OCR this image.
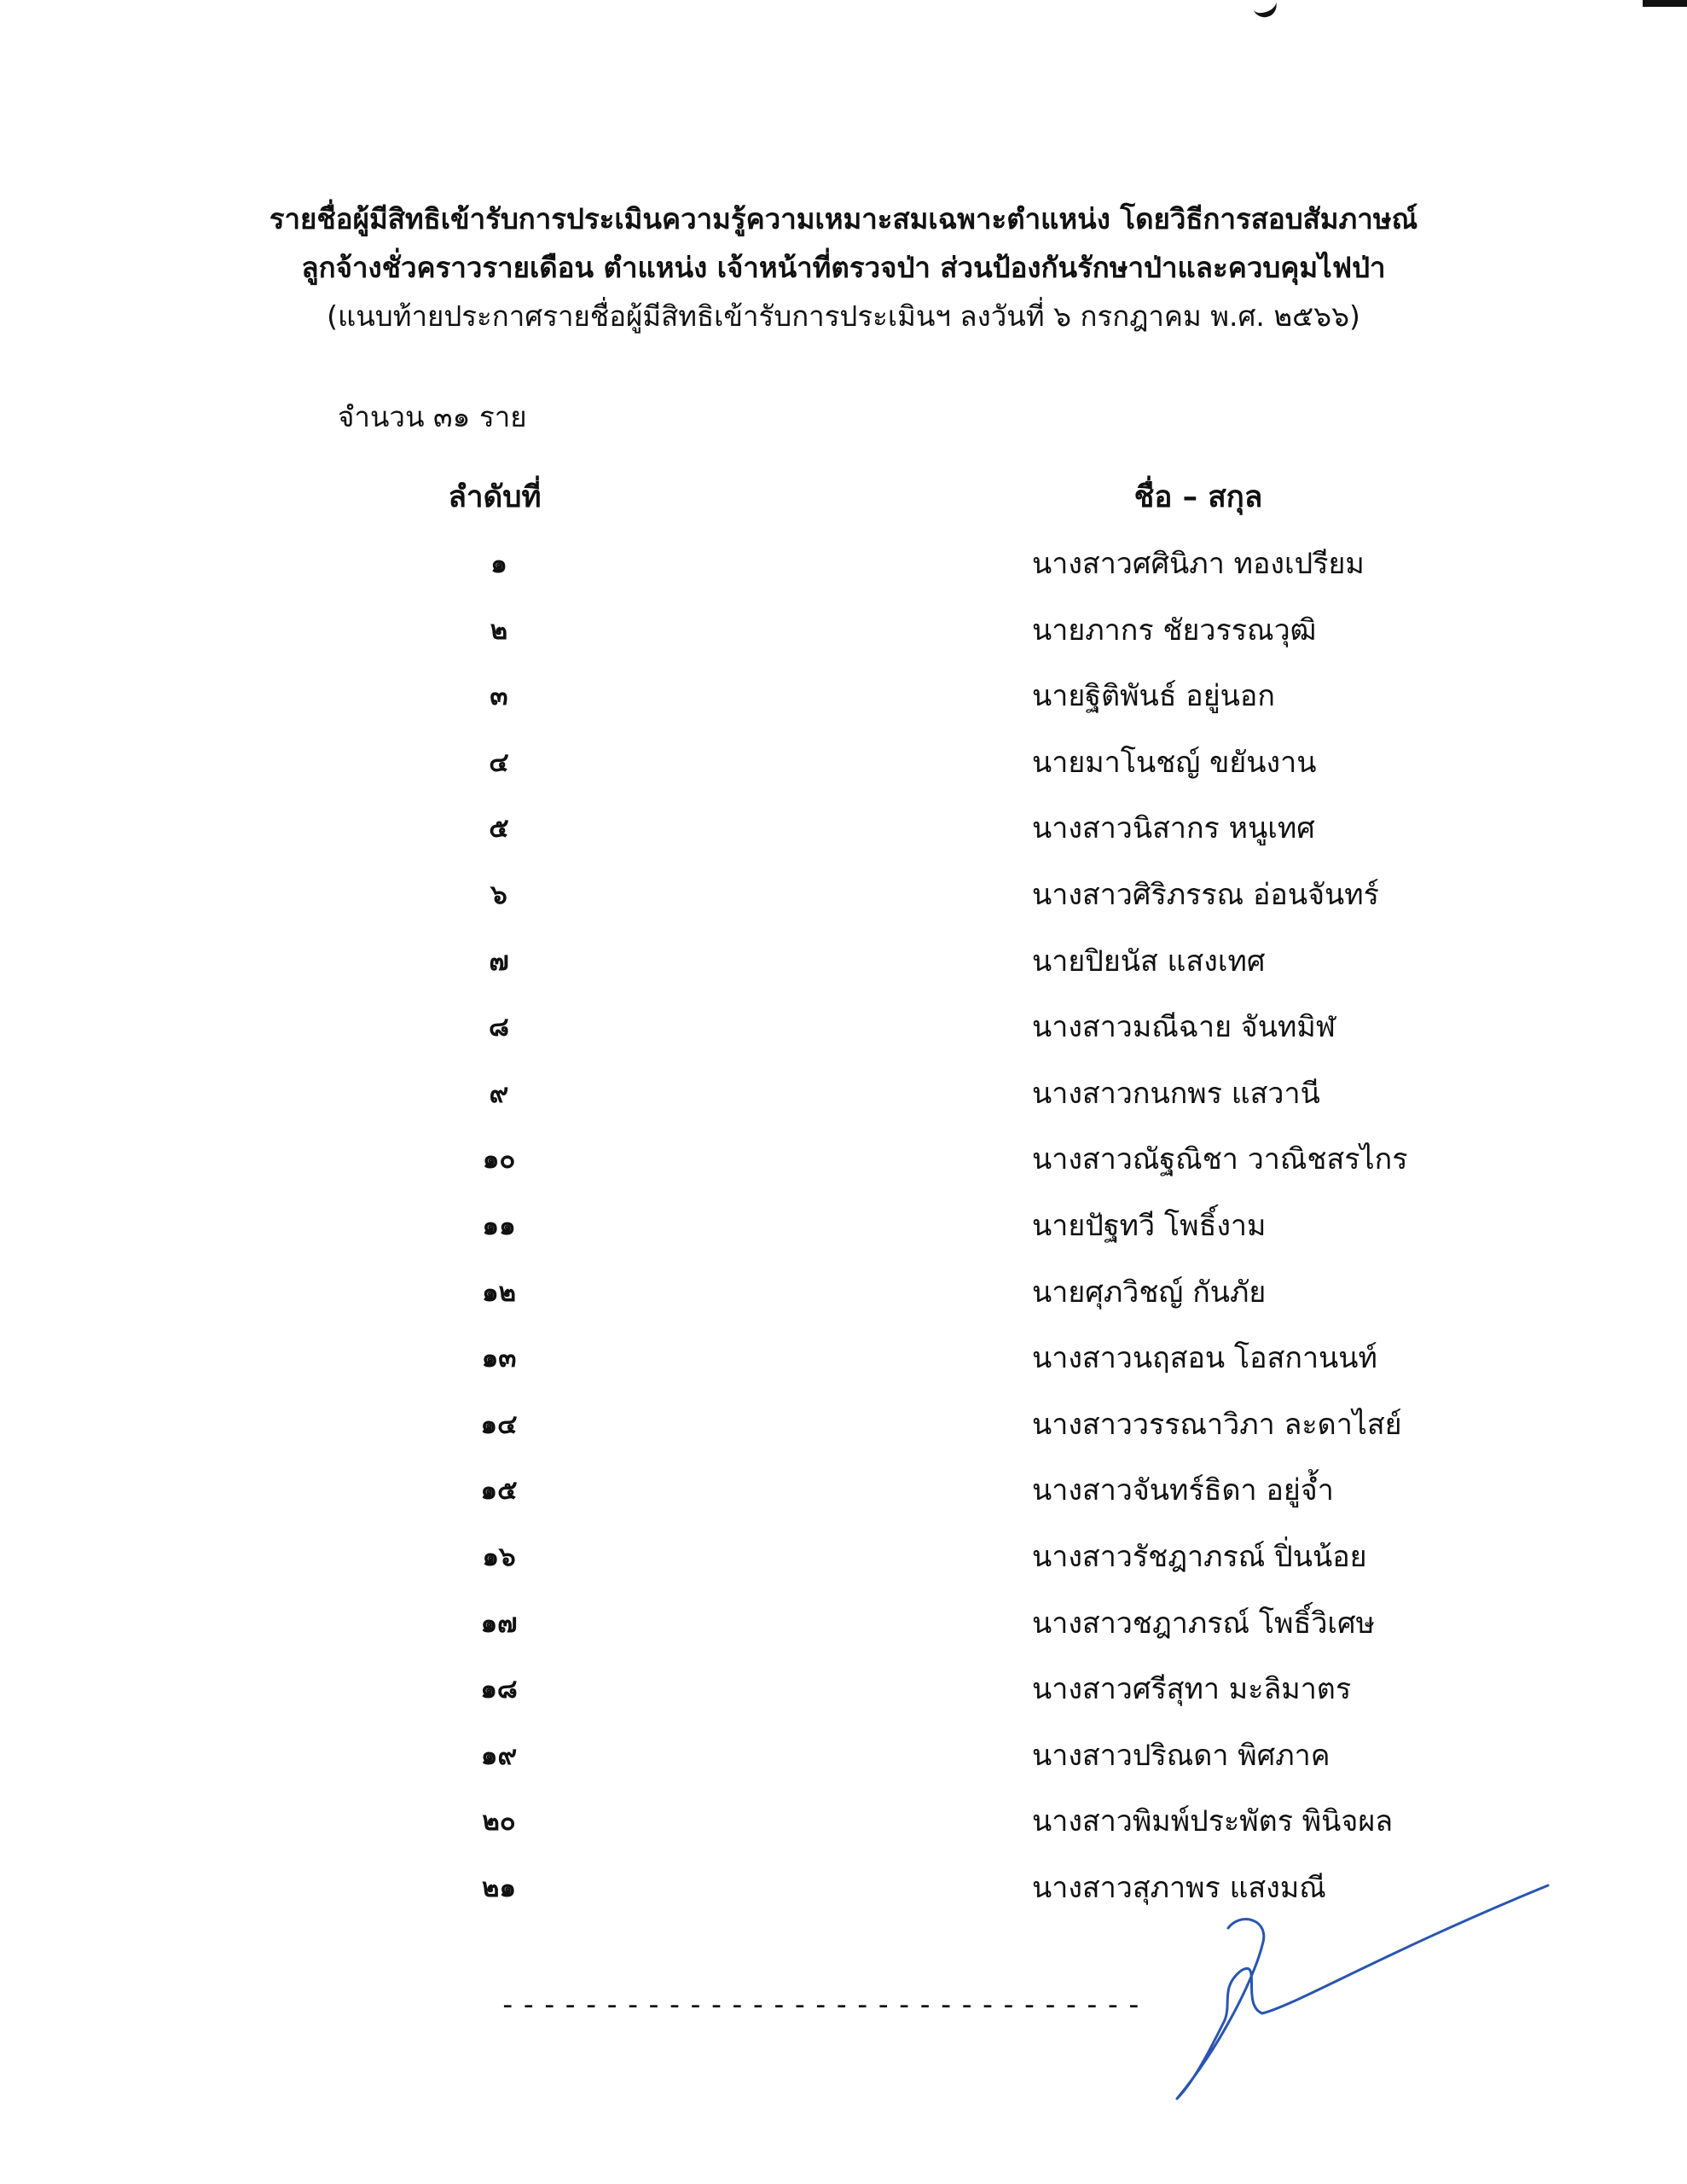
รายชื่อผู้มีสิทธิเข้ารับการประเมินความรู้ความเหมาะสมเฉพาะตำแหน่ง โดยวิธีการสอบสัมภาษณ์
ลูกจ้างชั่วคราวรายเดือน ตำแหน่ง เจ้าหน้าที่ตรวจป่า ส่วนป้องกันรักษาป่าและควบคุมไฟป่า
(แนบท้ายประกาศรายชื่อผู้มีสิทธิเข้ารับการประเมินฯ ลงวันที่ ๖ กรกฎาคม พ.ศ. ๒๕๖๖)
จำนวน ๓๑ ราย
ลำดับที่	ชื่อ – สกุล
๑	นางสาวศศินิภา ทองเปรียม
๒	นายภากร ชัยวรรณวุฒิ
๓	นายฐิติพันธ์ อยู่นอก
๔	นายมาโนชญ์ ขยันงาน
๕	นางสาวนิสากร หนูเทศ
๖	นางสาวศิริภรรณ อ่อนจันทร์
๗	นายปิยนัส แสงเทศ
๘	นางสาวมณีฉาย จันทมิฬ
๙	นางสาวกนกพร แสวานี
๑๐	นางสาวณัฐณิชา วาณิชสรไกร
๑๑	นายปัฐทวี โพธิ์งาม
๑๒	นายศุภวิชญ์ กันภัย
๑๓	นางสาวนฤสอน โอสกานนท์
๑๔	นางสาววรรณาวิภา ละดาไสย์
๑๕	นางสาวจันทร์ธิดา อยู่จ้ำ
๑๖	นางสาวรัชฎาภรณ์ ปิ่นน้อย
๑๗	นางสาวชฎาภรณ์ โพธิ์วิเศษ
๑๘	นางสาวศรีสุทา มะลิมาตร
๑๙	นางสาวปริณดา พิศภาค
๒๐	นางสาวพิมพ์ประพัตร พินิจผล
๒๑	นางสาวสุภาพร แสงมณี
-------------------------------
